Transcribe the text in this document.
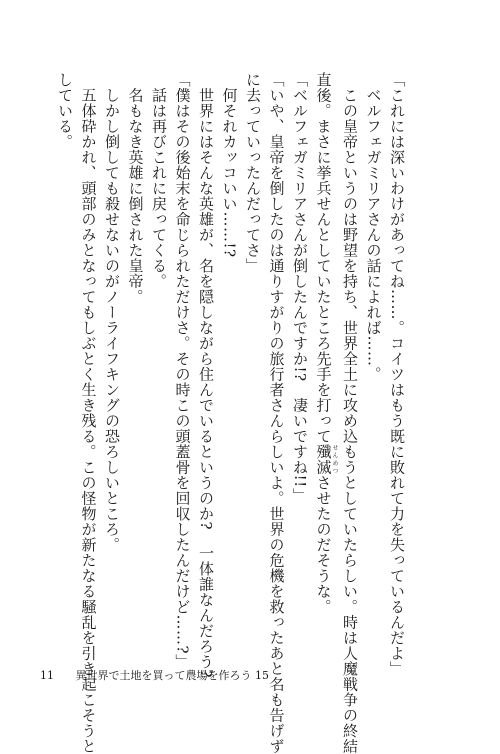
「これには深いわけがあってね……。コイツはもう既に敗れて力を失っているんだよ」
　ベルフェガミリアさんの話によれば……。
　この皇帝というのは野望を持ち、世界全土に攻め込もうとしていたらしい。時は人魔戦争の終結
直後。まさに挙兵せんとしていたところ先手を打って殲滅せんめつさせたのだそうな。
「ベルフェガミリアさんが倒したんですか!?　凄いですね!!」
「いや、皇帝を倒したのは通りすがりの旅行者さんらしいよ。世界の危機を救ったあと名も告げず
に去っていったんだってさ」
　何それカッコいい……!?
　世界にはそんな英雄が、名を隠しながら住んでいるというのか?　一体誰なんだろう?
「僕はその後始末を命じられただけさ。その時この頭蓋骨を回収したんだけど……?」
　話は再びこれに戻ってくる。
　名もなき英雄に倒された皇帝。
　しかし倒しても殺せないのがノーライフキングの恐ろしいところ。
　五体砕かれ、頭部のみとなってもしぶとく生き残る。この怪物が新たなる騒乱を引き起こそうと
している。
11 異世界で土地を買って農場を作ろう 15
